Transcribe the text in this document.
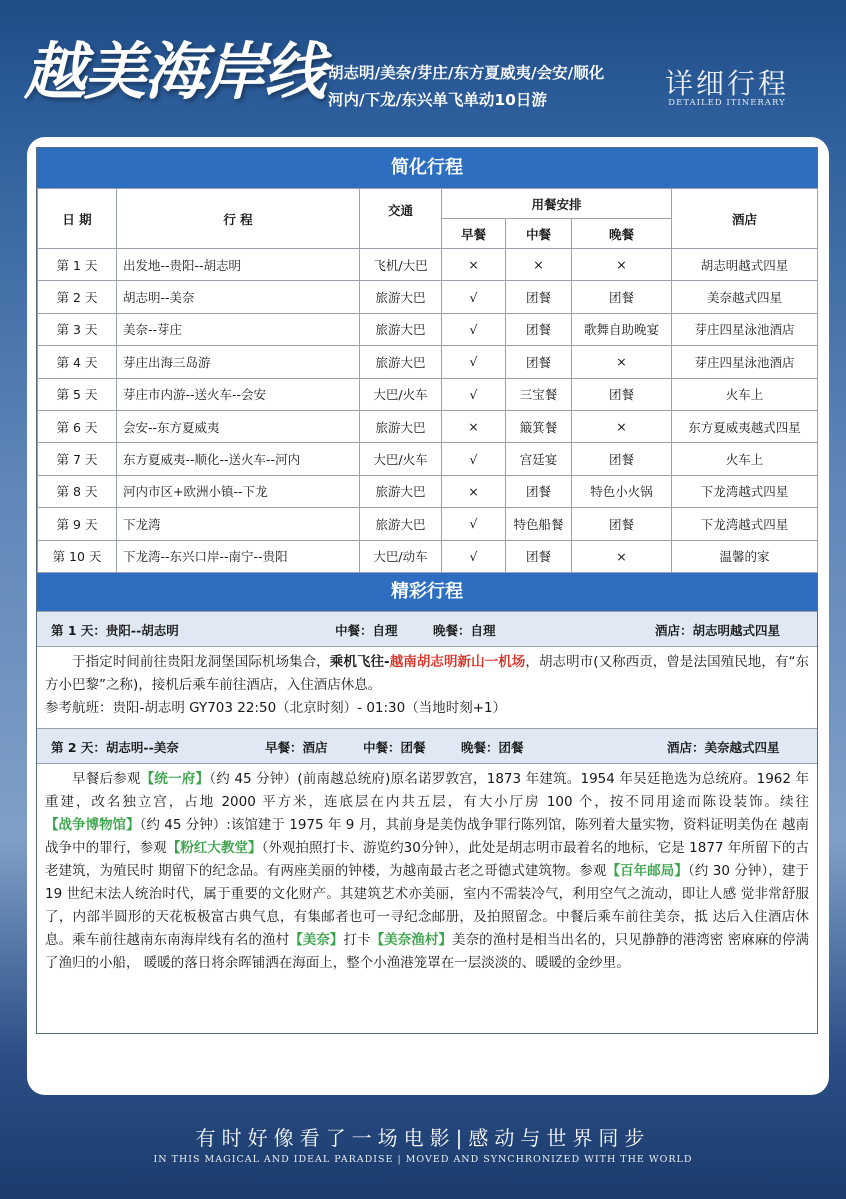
越美海岸线 胡志明/美奈/芽庄/东方夏威夷/会安/顺化
河内/下龙/东兴单飞单动10日游	详细行程
DETAILED ITINERARY
简化行程
日 期	行 程	交通	用餐安排			酒店
			早餐	中餐	晚餐	
第 1 天	出发地--贵阳--胡志明	飞机/大巴	×	×	×	胡志明越式四星
第 2 天	胡志明--美奈	旅游大巴	√	团餐	团餐	美奈越式四星
第 3 天	美奈--芽庄	旅游大巴	√	团餐	歌舞自助晚宴	芽庄四星泳池酒店
第 4 天	芽庄出海三岛游	旅游大巴	√	团餐	×	芽庄四星泳池酒店
第 5 天	芽庄市内游--送火车--会安	大巴/火车	√	三宝餐	团餐	火车上
第 6 天	会安--东方夏威夷	旅游大巴	×	簸箕餐	×	东方夏威夷越式四星
第 7 天	东方夏威夷--顺化--送火车--河内	大巴/火车	√	宫廷宴	团餐	火车上
第 8 天	河内市区+欧洲小镇--下龙	旅游大巴	×	团餐	特色小火锅	下龙湾越式四星
第 9 天	下龙湾	旅游大巴	√	特色船餐	团餐	下龙湾越式四星
第 10 天	下龙湾--东兴口岸--南宁--贵阳	大巴/动车	√	团餐	×	温馨的家
精彩行程
第 1 天：贵阳--胡志明	中餐：自理	晚餐：自理	酒店：胡志明越式四星

于指定时间前往贵阳龙洞堡国际机场集合，乘机飞往-越南胡志明新山一机场，胡志明市(又称西贡，曾是法国殖民地，有“东方小巴黎”之称)，接机后乘车前往酒店，入住酒店休息。

参考航班：贵阳-胡志明 GY703 22:50（北京时刻）- 01:30（当地时刻+1）

第 2 天：胡志明--美奈	早餐：酒店	中餐：团餐	晚餐：团餐	酒店：美奈越式四星

早餐后参观【统一府】（约 45 分钟）(前南越总统府)原名诺罗敦宫，1873 年建筑。1954 年吴廷艳选为总统府。1962 年重建，改名独立宫，占地 2000 平方米，连底层在内共五层，有大小厅房 100 个，按不同用途而陈设装饰。续往【战争博物馆】（约 45 分钟）:该馆建于 1975 年 9 月，其前身是美伪战争罪行陈列馆，陈列着大量实物，资料证明美伪在 越南战争中的罪行，参观【粉红大教堂】（外观拍照打卡、游览约30分钟），此处是胡志明市最着名的地标，它是 1877 年所留下的古老建筑，为殖民时 期留下的纪念品。有两座美丽的钟楼，为越南最古老之哥德式建筑物。参观【百年邮局】（约 30 分钟），建于 19 世纪末法人统治时代，属于重要的文化财产。其建筑艺术亦美丽，室内不需装冷气，利用空气之流动，即让人感 觉非常舒服了，内部半圆形的天花板极富古典气息，有集邮者也可一寻纪念邮册，及拍照留念。中餐后乘车前往美奈，抵 达后入住酒店休息。乘车前往越南东南海岸线有名的渔村【美奈】打卡【美奈渔村】美奈的渔村是相当出名的，只见静静的港湾密 密麻麻的停满了渔归的小船， 暖暖的落日将余晖铺洒在海面上，整个小渔港笼罩在一层淡淡的、暖暖的金纱里。

有时好像看了一场电影|感动与世界同步
IN THIS MAGICAL AND IDEAL PARADISE | MOVED AND SYNCHRONIZED WITH THE WORLD
